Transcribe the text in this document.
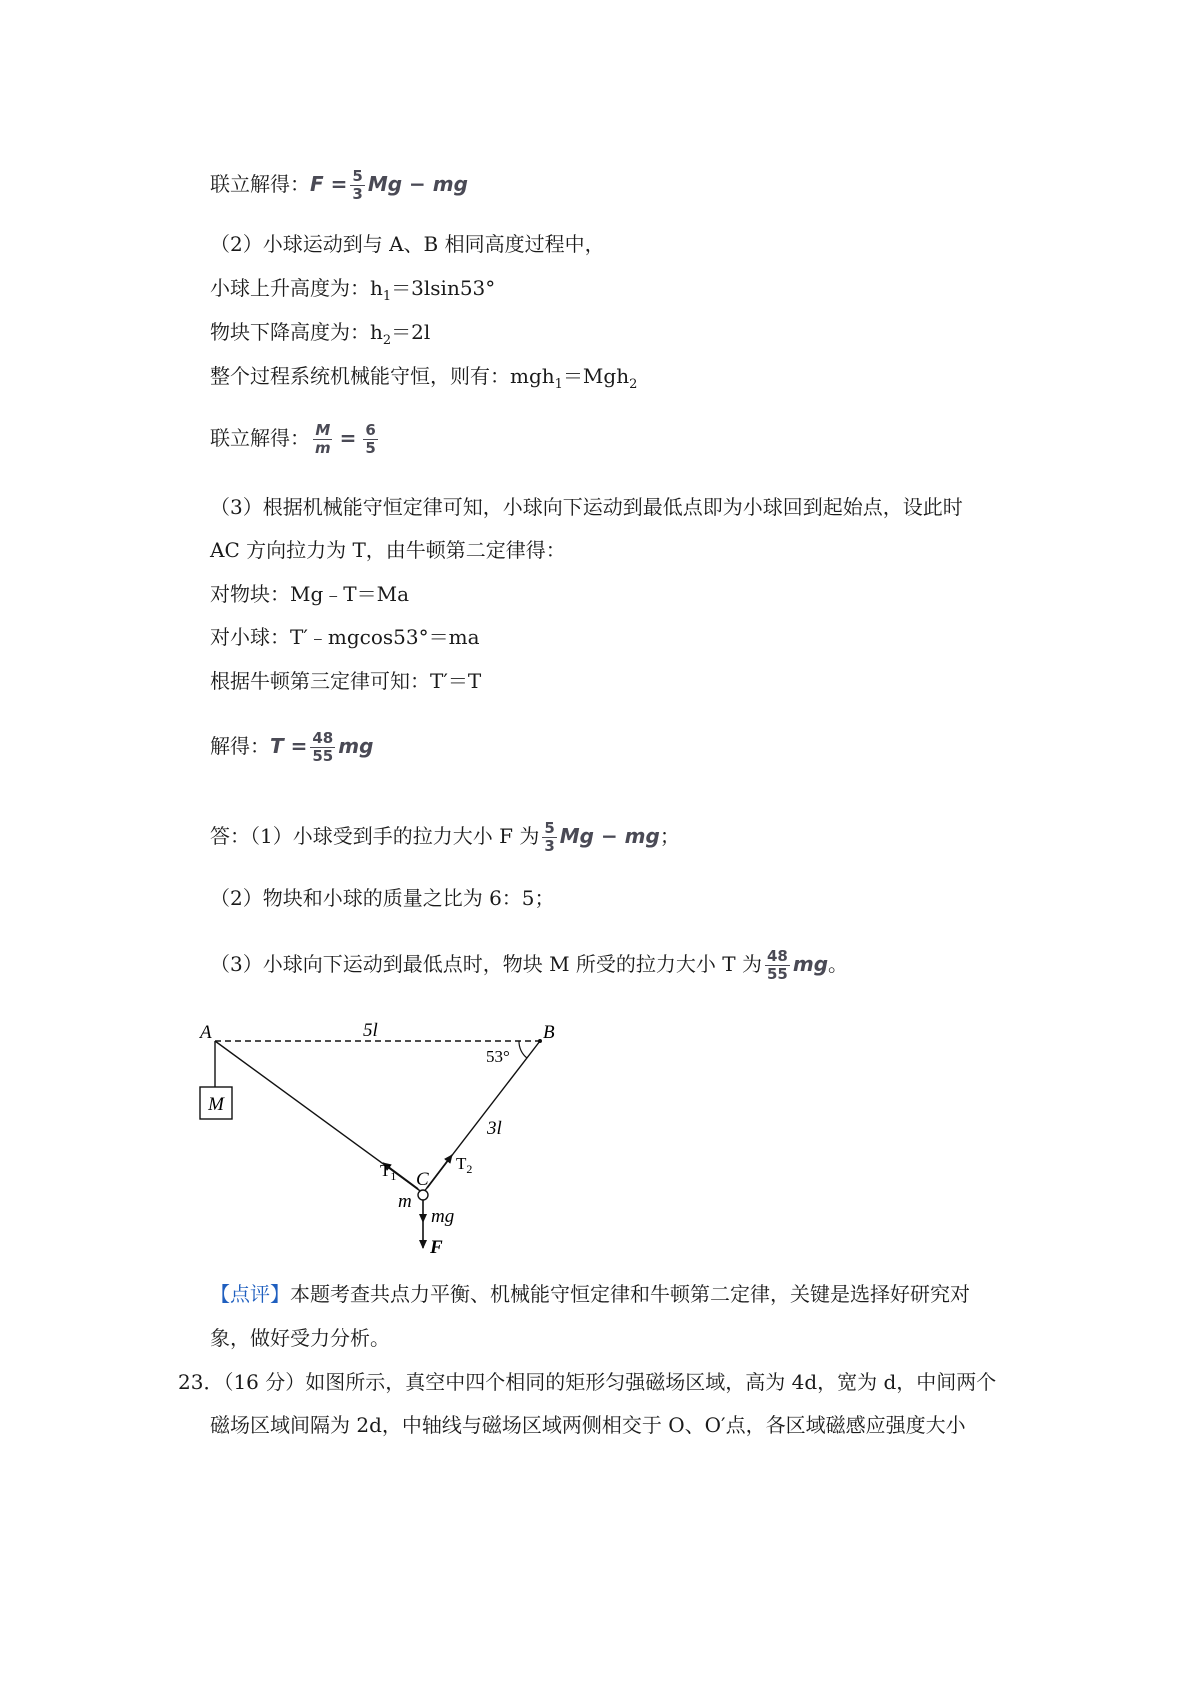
联立解得：$F = \frac{5}{3}$ Mg − mg
（2）小球运动到与 A、B 相同高度过程中，
小球上升高度为：$h_1=3lsin53^\circ$
物块下降高度为：$h_2=2l$
整个过程系统机械能守恒，则有：mgh$_1$＝Mgh$_2$
联立解得： $\frac{M}{m} = \frac{6}{5}$
（3）根据机械能守恒定律可知，小球向下运动到最低点即为小球回到起始点，设此时
AC 方向拉力为 T，由牛顿第二定律得：
对物块：Mg﹣T＝Ma
对小球：T′﹣mgcos53°＝ma
根据牛顿第三定律可知：T′＝T
解得：$T = \frac{48}{55}$ mg
答：（1）小球受到手的拉力大小 F 为 $\frac{5}{3}$ Mg − mg；
（2）物块和小球的质量之比为 6：5；
（3）小球向下运动到最低点时，物块 M 所受的拉力大小 T 为 $\frac{48}{55}$ mg。
M
A	B
5l
53°
3l
$T_1$
$T_2$
C
m
mg
F
【点评】本题考查共点力平衡、机械能守恒定律和牛顿第二定律，关键是选择好研究对
象，做好受力分析。
23．（16 分）如图所示，真空中四个相同的矩形匀强磁场区域，高为 4d，宽为 d，中间两个
磁场区域间隔为 2d，中轴线与磁场区域两侧相交于 O、O′点，各区域磁感应强度大小
